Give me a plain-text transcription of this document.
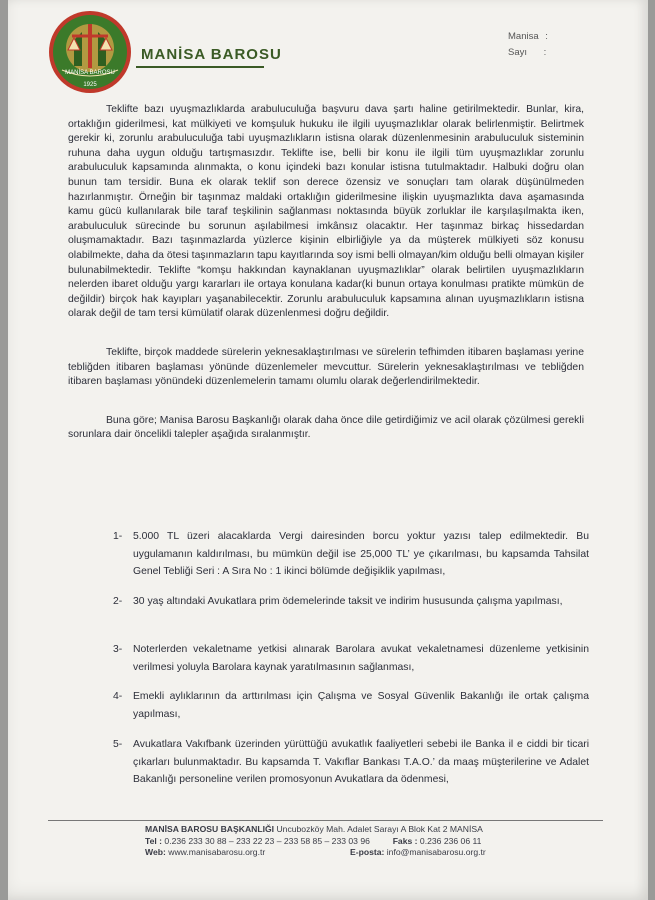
MANİSA BAROSU
1925
MANİSA BAROSU
Manisa :
Sayı :

Teklifte bazı uyuşmazlıklarda arabuluculuğa başvuru dava şartı haline getirilmektedir. Bunlar, kira, ortaklığın giderilmesi, kat mülkiyeti ve komşuluk hukuku ile ilgili uyuşmazlıklar olarak belirlenmiştir. Belirtmek gerekir ki, zorunlu arabuluculuğa tabi uyuşmazlıkların istisna olarak düzenlenmesinin arabuluculuk sisteminin ruhuna daha uygun olduğu tartışmasızdır. Teklifte ise, belli bir konu ile ilgili tüm uyuşmazlıklar zorunlu arabuluculuk kapsamında alınmakta, o konu içindeki bazı konular istisna tutulmaktadır. Halbuki doğru olan bunun tam tersidir. Buna ek olarak teklif son derece özensiz ve sonuçları tam olarak düşünülmeden hazırlanmıştır. Örneğin bir taşınmaz maldaki ortaklığın giderilmesine ilişkin uyuşmazlıkta dava aşamasında kamu gücü kullanılarak bile taraf teşkilinin sağlanması noktasında büyük zorluklar ile karşılaşılmakta iken, arabuluculuk sürecinde bu sorunun aşılabilmesi imkânsız olacaktır. Her taşınmaz birkaç hissedardan oluşmamaktadır. Bazı taşınmazlarda yüzlerce kişinin elbirliğiyle ya da müşterek mülkiyeti söz konusu olabilmekte, daha da ötesi taşınmazların tapu kayıtlarında soy ismi belli olmayan/kim olduğu belli olmayan kişiler bulunabilmektedir. Teklifte “komşu hakkından kaynaklanan uyuşmazlıklar” olarak belirtilen uyuşmazlıkların nelerden ibaret olduğu yargı kararları ile ortaya konulana kadar(ki bunun ortaya konulması pratikte mümkün de değildir) birçok hak kayıpları yaşanabilecektir. Zorunlu arabuluculuk kapsamına alınan uyuşmazlıkların istisna olarak değil de tam tersi kümülatif olarak düzenlenmesi doğru değildir.

Teklifte, birçok maddede sürelerin yeknesaklaştırılması ve sürelerin tefhimden itibaren başlaması yerine tebliğden itibaren başlaması yönünde düzenlemeler mevcuttur. Sürelerin yeknesaklaştırılması ve tebliğden itibaren başlaması yönündeki düzenlemelerin tamamı olumlu olarak değerlendirilmektedir.

Buna göre; Manisa Barosu Başkanlığı olarak daha önce dile getirdiğimiz ve acil olarak çözülmesi gerekli sorunlara dair öncelikli talepler aşağıda sıralanmıştır.

1-	5.000 TL üzeri alacaklarda Vergi dairesinden borcu yoktur yazısı talep edilmektedir. Bu uygulamanın kaldırılması, bu mümkün değil ise 25,000 TL’ ye çıkarılması, bu kapsamda Tahsilat Genel Tebliği Seri : A Sıra No : 1 ikinci bölümde değişiklik yapılması,
2-	30 yaş altındaki Avukatlara prim ödemelerinde taksit ve indirim hususunda çalışma yapılması,
3-	Noterlerden vekaletname yetkisi alınarak Barolara avukat vekaletnamesi düzenleme yetkisinin verilmesi yoluyla Barolara kaynak yaratılmasının sağlanması,
4-	Emekli aylıklarının da arttırılması için Çalışma ve Sosyal Güvenlik Bakanlığı ile ortak çalışma yapılması,
5-	Avukatlara Vakıfbank üzerinden yürüttüğü avukatlık faaliyetleri sebebi ile Banka il e ciddi bir ticari çıkarları bulunmaktadır. Bu kapsamda T. Vakıflar Bankası T.A.O.’ da maaş müşterilerine ve Adalet Bakanlığı personeline verilen promosyonun Avukatlara da ödenmesi,
MANİSA BAROSU BAŞKANLIĞI Uncubozköy Mah. Adalet Sarayı A Blok Kat 2 MANİSA
Tel : 0.236 233 30 88 – 233 22 23 – 233 58 85 – 233 03 96	Faks : 0.236 236 06 11
Web: www.manisabarosu.org.tr	E-posta: info@manisabarosu.org.tr
